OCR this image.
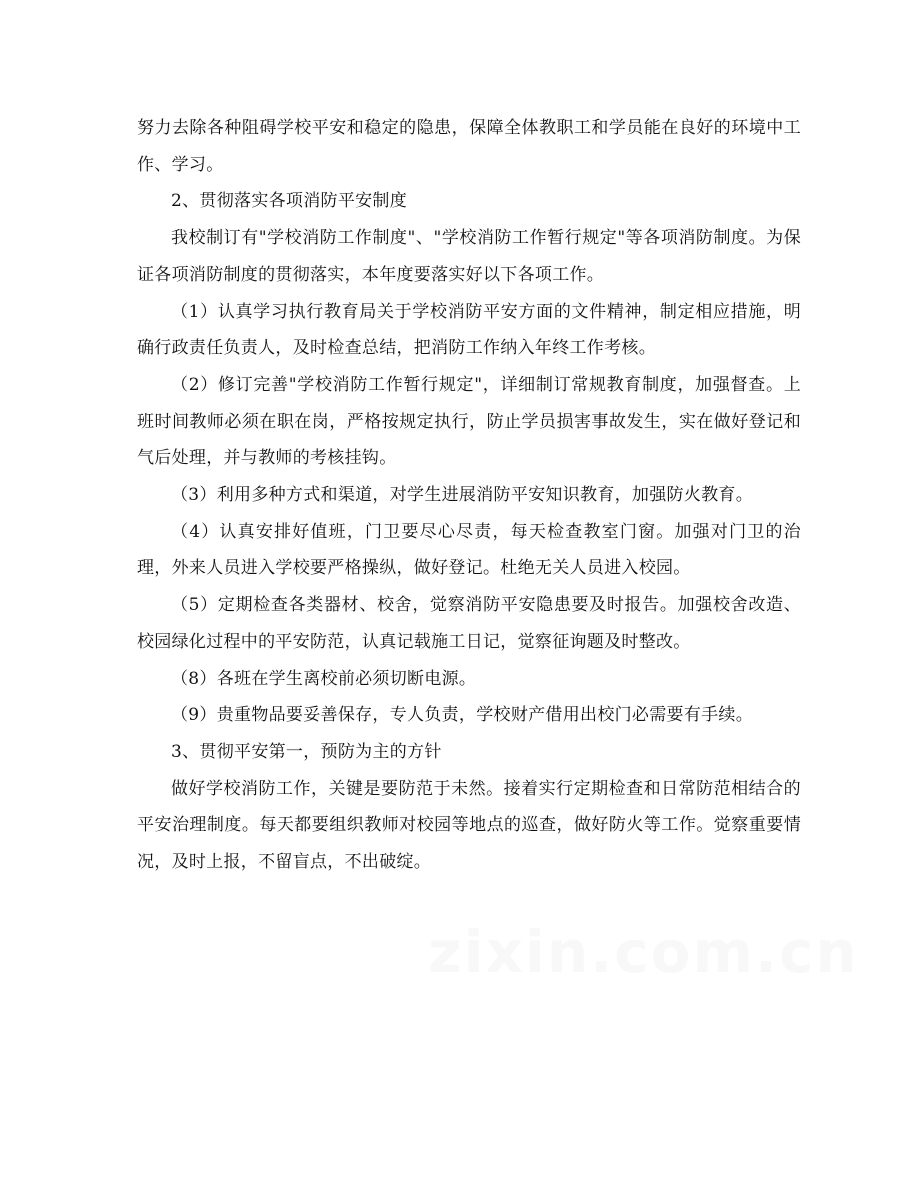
努力去除各种阻碍学校平安和稳定的隐患，保障全体教职工和学员能在良好的环境中工作、学习。

2、贯彻落实各项消防平安制度

我校制订有"学校消防工作制度"、"学校消防工作暂行规定"等各项消防制度。为保证各项消防制度的贯彻落实，本年度要落实好以下各项工作。

（1）认真学习执行教育局关于学校消防平安方面的文件精神，制定相应措施，明确行政责任负责人，及时检查总结，把消防工作纳入年终工作考核。

（2）修订完善"学校消防工作暂行规定"，详细制订常规教育制度，加强督查。上班时间教师必须在职在岗，严格按规定执行，防止学员损害事故发生，实在做好登记和气后处理，并与教师的考核挂钩。

（3）利用多种方式和渠道，对学生进展消防平安知识教育，加强防火教育。

（4）认真安排好值班，门卫要尽心尽责，每天检查教室门窗。加强对门卫的治理，外来人员进入学校要严格操纵，做好登记。杜绝无关人员进入校园。

（5）定期检查各类器材、校舍，觉察消防平安隐患要及时报告。加强校舍改造、校园绿化过程中的平安防范，认真记载施工日记，觉察征询题及时整改。

（8）各班在学生离校前必须切断电源。

（9）贵重物品要妥善保存，专人负责，学校财产借用出校门必需要有手续。

3、贯彻平安第一，预防为主的方针

做好学校消防工作，关键是要防范于未然。接着实行定期检查和日常防范相结合的平安治理制度。每天都要组织教师对校园等地点的巡查，做好防火等工作。觉察重要情况，及时上报，不留盲点，不出破绽。

zixin.com.cn
